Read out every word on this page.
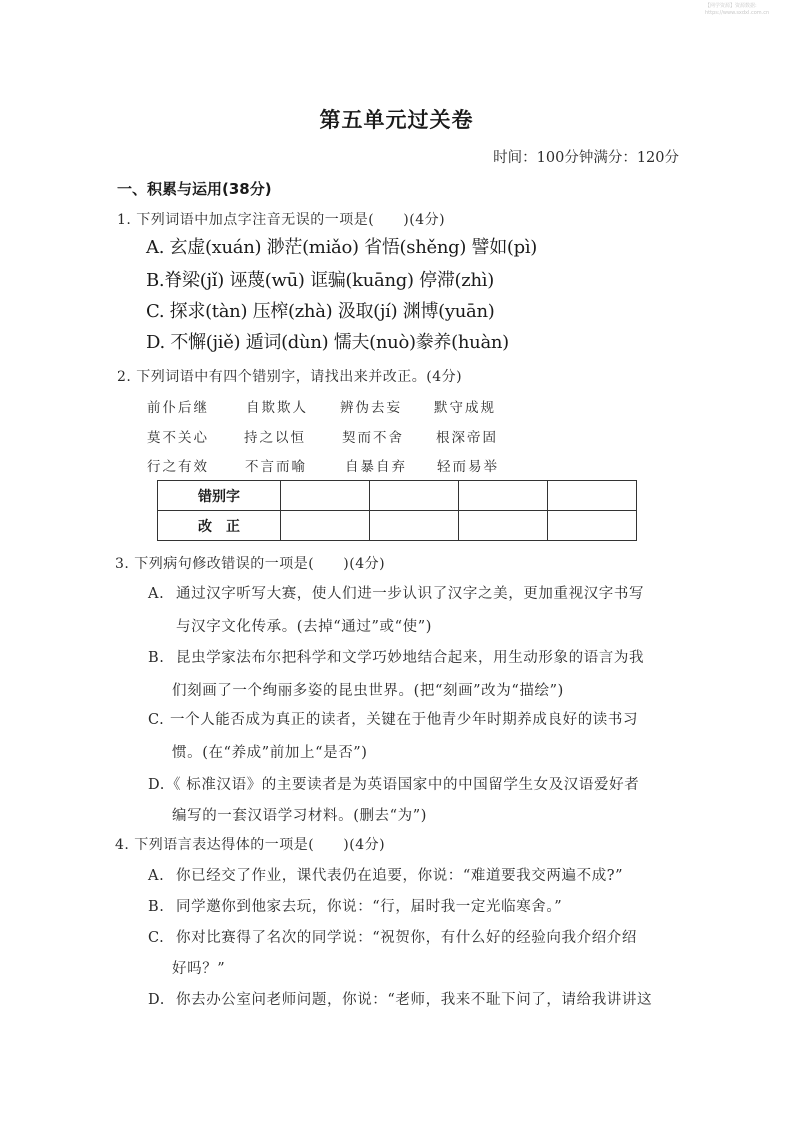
【网学资源】资源数据:
https://www.sxdxl.com.cn
第五单元过关卷
时间：100分钟满分：120分
一、积累与运用(38分)
1. 下列词语中加点字注音无误的一项是(　　)(4分)
A. 玄虚(xuán) 渺茫(miǎo) 省悟(shěng) 譬如(pì)
B.脊梁(jǐ) 诬蔑(wū) 诓骗(kuāng) 停滞(zhì)
C. 探求(tàn) 压榨(zhà) 汲取(jí) 渊博(yuān)
D. 不懈(jiě) 遁词(dùn) 懦夫(nuò)豢养(huàn)
2. 下列词语中有四个错别字，请找出来并改正。(4分)
前仆后继	自欺欺人 辨伪去妄 默守成规
莫不关心	持之以恒	契而不舍 根深帝固
行之有效	不言而喻	自暴自弃 轻而易举
错别字				
改　正				
3. 下列病句修改错误的一项是(　　)(4分)
A. 通过汉字听写大赛，使人们进一步认识了汉字之美，更加重视汉字书写
与汉字文化传承。(去掉“通过”或“使”)
B. 昆虫学家法布尔把科学和文学巧妙地结合起来，用生动形象的语言为我
们刻画了一个绚丽多姿的昆虫世界。(把“刻画”改为“描绘”)
C. 一个人能否成为真正的读者，关键在于他青少年时期养成良好的读书习
惯。(在“养成”前加上“是否”)
D.《 标准汉语》的主要读者是为英语国家中的中国留学生女及汉语爱好者
编写的一套汉语学习材料。(删去“为”)
4. 下列语言表达得体的一项是(　　)(4分)
A. 你已经交了作业，课代表仍在追要，你说：“难道要我交两遍不成?”
B. 同学邀你到他家去玩，你说：“行，届时我一定光临寒舍。”
C. 你对比赛得了名次的同学说：“祝贺你，有什么好的经验向我介绍介绍
好吗？”
D. 你去办公室问老师问题，你说：“老师，我来不耻下问了，请给我讲讲这
